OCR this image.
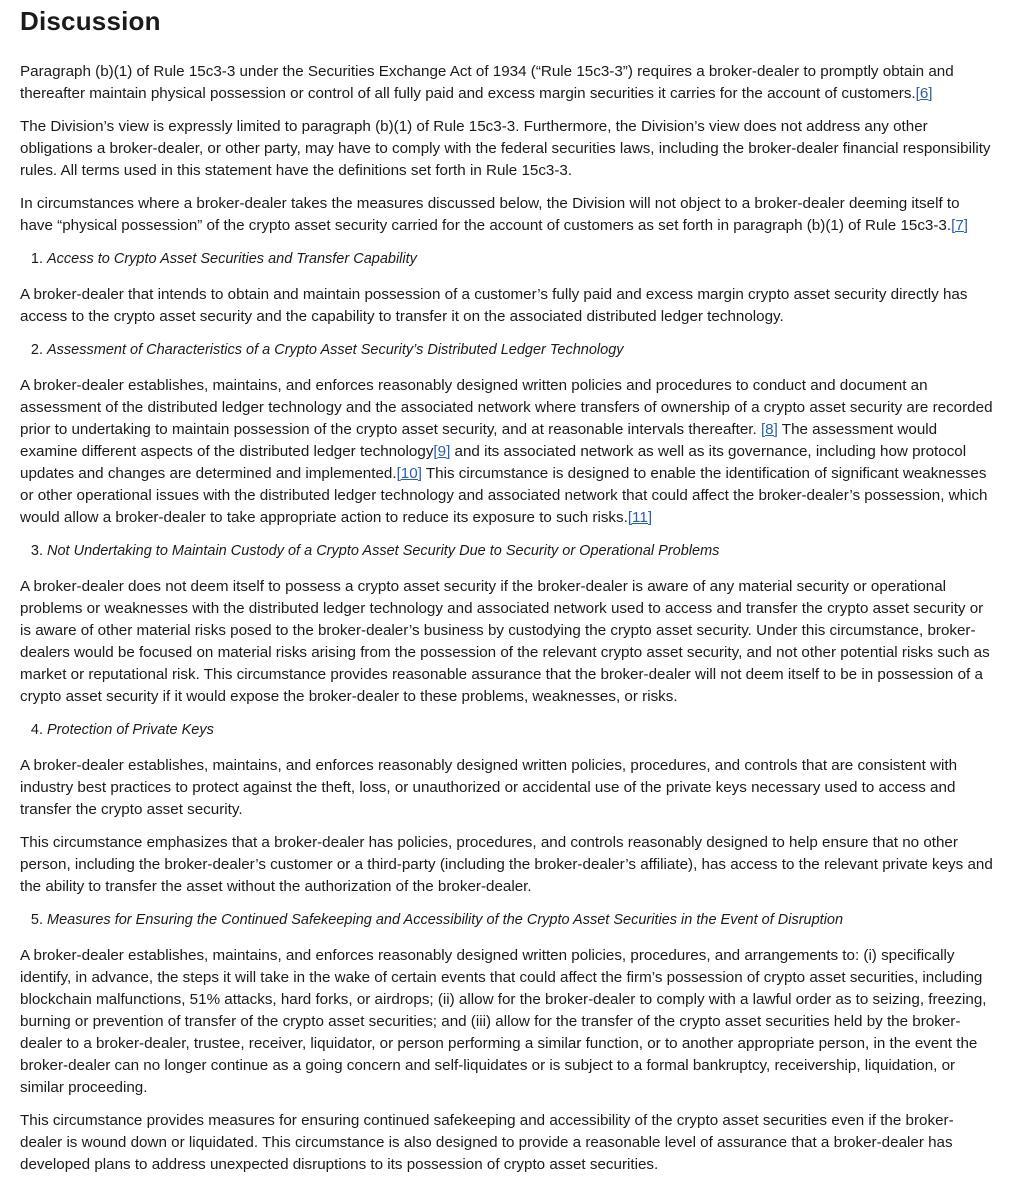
Discussion

Paragraph (b)(1) of Rule 15c3-3 under the Securities Exchange Act of 1934 (“Rule 15c3-3”) requires a broker-dealer to promptly obtain and thereafter maintain physical possession or control of all fully paid and excess margin securities it carries for the account of customers.[6]

The Division’s view is expressly limited to paragraph (b)(1) of Rule 15c3-3. Furthermore, the Division’s view does not address any other obligations a broker-dealer, or other party, may have to comply with the federal securities laws, including the broker-dealer financial responsibility rules. All terms used in this statement have the definitions set forth in Rule 15c3-3.

In circumstances where a broker-dealer takes the measures discussed below, the Division will not object to a broker-dealer deeming itself to have “physical possession” of the crypto asset security carried for the account of customers as set forth in paragraph (b)(1) of Rule 15c3-3.[7]

1. Access to Crypto Asset Securities and Transfer Capability

A broker-dealer that intends to obtain and maintain possession of a customer’s fully paid and excess margin crypto asset security directly has access to the crypto asset security and the capability to transfer it on the associated distributed ledger technology.

2. Assessment of Characteristics of a Crypto Asset Security’s Distributed Ledger Technology

A broker-dealer establishes, maintains, and enforces reasonably designed written policies and procedures to conduct and document an assessment of the distributed ledger technology and the associated network where transfers of ownership of a crypto asset security are recorded prior to undertaking to maintain possession of the crypto asset security, and at reasonable intervals thereafter. [8] The assessment would examine different aspects of the distributed ledger technology[9] and its associated network as well as its governance, including how protocol updates and changes are determined and implemented.[10] This circumstance is designed to enable the identification of significant weaknesses or other operational issues with the distributed ledger technology and associated network that could affect the broker-dealer’s possession, which would allow a broker-dealer to take appropriate action to reduce its exposure to such risks.[11]

3. Not Undertaking to Maintain Custody of a Crypto Asset Security Due to Security or Operational Problems

A broker-dealer does not deem itself to possess a crypto asset security if the broker-dealer is aware of any material security or operational problems or weaknesses with the distributed ledger technology and associated network used to access and transfer the crypto asset security or is aware of other material risks posed to the broker-dealer’s business by custodying the crypto asset security. Under this circumstance, broker-dealers would be focused on material risks arising from the possession of the relevant crypto asset security, and not other potential risks such as market or reputational risk. This circumstance provides reasonable assurance that the broker-dealer will not deem itself to be in possession of a crypto asset security if it would expose the broker-dealer to these problems, weaknesses, or risks.

4. Protection of Private Keys

A broker-dealer establishes, maintains, and enforces reasonably designed written policies, procedures, and controls that are consistent with industry best practices to protect against the theft, loss, or unauthorized or accidental use of the private keys necessary used to access and transfer the crypto asset security.

This circumstance emphasizes that a broker-dealer has policies, procedures, and controls reasonably designed to help ensure that no other person, including the broker-dealer’s customer or a third-party (including the broker-dealer’s affiliate), has access to the relevant private keys and the ability to transfer the asset without the authorization of the broker-dealer.

5. Measures for Ensuring the Continued Safekeeping and Accessibility of the Crypto Asset Securities in the Event of Disruption

A broker-dealer establishes, maintains, and enforces reasonably designed written policies, procedures, and arrangements to: (i) specifically identify, in advance, the steps it will take in the wake of certain events that could affect the firm’s possession of crypto asset securities, including blockchain malfunctions, 51% attacks, hard forks, or airdrops; (ii) allow for the broker-dealer to comply with a lawful order as to seizing, freezing, burning or prevention of transfer of the crypto asset securities; and (iii) allow for the transfer of the crypto asset securities held by the broker-dealer to a broker-dealer, trustee, receiver, liquidator, or person performing a similar function, or to another appropriate person, in the event the broker-dealer can no longer continue as a going concern and self-liquidates or is subject to a formal bankruptcy, receivership, liquidation, or similar proceeding.

This circumstance provides measures for ensuring continued safekeeping and accessibility of the crypto asset securities even if the broker-dealer is wound down or liquidated. This circumstance is also designed to provide a reasonable level of assurance that a broker-dealer has developed plans to address unexpected disruptions to its possession of crypto asset securities.
